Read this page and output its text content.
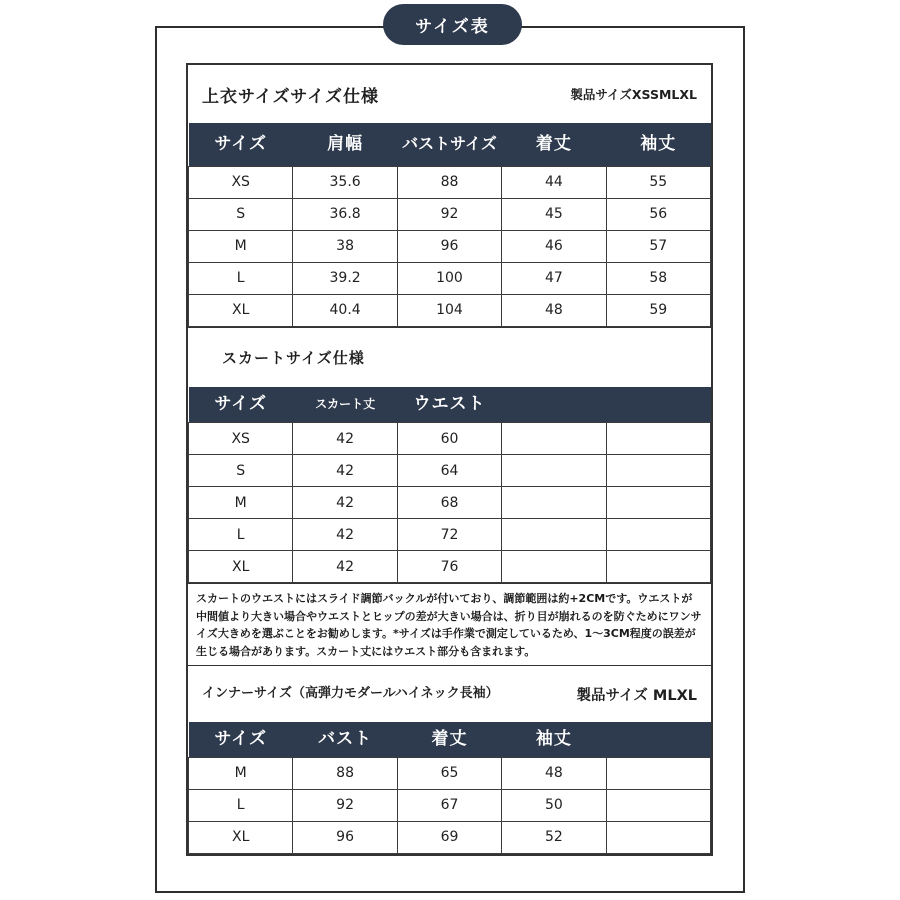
サイズ表
上衣サイズサイズ仕様	製品サイズXSSMLXL
サイズ	肩幅	バストサイズ	着丈	袖丈
XS	35.6	88	44	55
S	36.8	92	45	56
M	38	96	46	57
L	39.2	100	47	58
XL	40.4	104	48	59
スカートサイズ仕様
サイズ	スカート丈	ウエスト		
XS	42	60		
S	42	64		
M	42	68		
L	42	72		
XL	42	76		
スカートのウエストにはスライド調節バックルが付いており、調節範囲は約+2CMです。ウエストが中間値より大きい場合やウエストとヒップの差が大きい場合は、折り目が崩れるのを防ぐためにワンサイズ大きめを選ぶことをお勧めします。*サイズは手作業で測定しているため、1～3CM程度の誤差が生じる場合があります。スカート丈にはウエスト部分も含まれます。
インナーサイズ（高弾力モダールハイネック長袖）	製品サイズ MLXL
サイズ	バスト	着丈	袖丈	
M	88	65	48	
L	92	67	50	
XL	96	69	52	
